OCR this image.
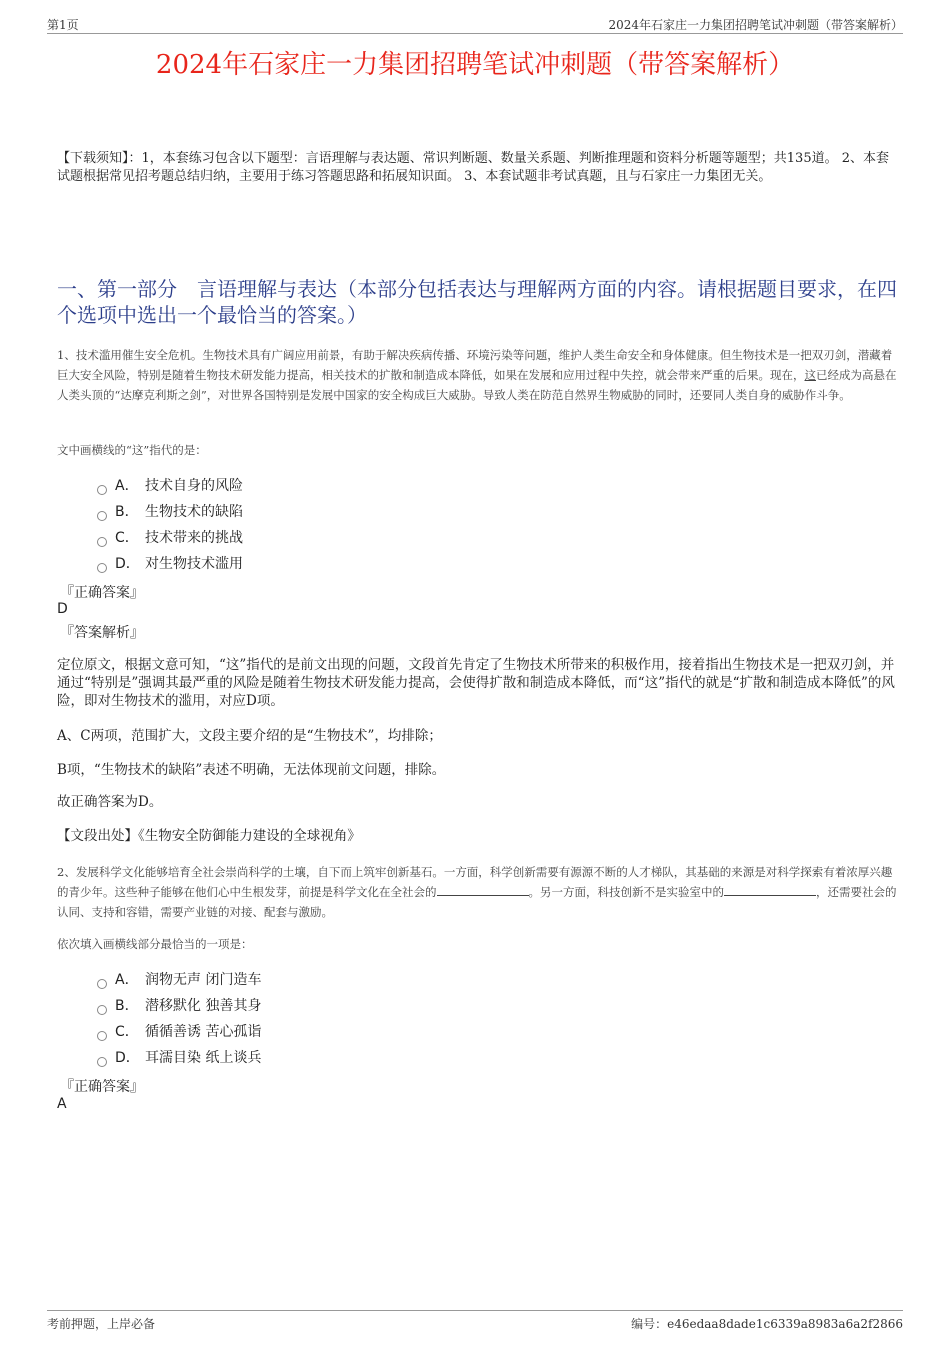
第1页	2024年石家庄一力集团招聘笔试冲刺题（带答案解析）
2024年石家庄一力集团招聘笔试冲刺题（带答案解析）
【下载须知】：1，本套练习包含以下题型：言语理解与表达题、常识判断题、数量关系题、判断推理题和资料分析题等题型；共135道。 2、本套试题根据常见招考题总结归纳，主要用于练习答题思路和拓展知识面。 3、本套试题非考试真题，且与石家庄一力集团无关。
一、第一部分　言语理解与表达（本部分包括表达与理解两方面的内容。请根据题目要求，在四个选项中选出一个最恰当的答案。）
1、技术滥用催生安全危机。生物技术具有广阔应用前景，有助于解决疾病传播、环境污染等问题，维护人类生命安全和身体健康。但生物技术是一把双刃剑，潜藏着巨大安全风险，特别是随着生物技术研发能力提高，相关技术的扩散和制造成本降低，如果在发展和应用过程中失控，就会带来严重的后果。现在，这已经成为高悬在人类头顶的“达摩克利斯之剑”，对世界各国特别是发展中国家的安全构成巨大威胁。导致人类在防范自然界生物威胁的同时，还要同人类自身的威胁作斗争。
文中画横线的“这”指代的是：
A． 技术自身的风险
B． 生物技术的缺陷
C． 技术带来的挑战
D． 对生物技术滥用
『正确答案』
D
『答案解析』
定位原文，根据文意可知，“这”指代的是前文出现的问题，文段首先肯定了生物技术所带来的积极作用，接着指出生物技术是一把双刃剑，并通过“特别是”强调其最严重的风险是随着生物技术研发能力提高，会使得扩散和制造成本降低，而“这”指代的就是“扩散和制造成本降低”的风险，即对生物技术的滥用，对应D项。
A、C两项，范围扩大，文段主要介绍的是“生物技术”，均排除；
B项，“生物技术的缺陷”表述不明确，无法体现前文问题，排除。
故正确答案为D。
【文段出处】《生物安全防御能力建设的全球视角》
2、发展科学文化能够培育全社会崇尚科学的土壤，自下而上筑牢创新基石。一方面，科学创新需要有源源不断的人才梯队，其基础的来源是对科学探索有着浓厚兴趣的青少年。这些种子能够在他们心中生根发芽，前提是科学文化在全社会的	。另一方面，科技创新不是实验室中的	，还需要社会的认同、支持和容错，需要产业链的对接、配套与激励。
依次填入画横线部分最恰当的一项是：
A． 润物无声 闭门造车
B． 潜移默化 独善其身
C． 循循善诱 苦心孤诣
D． 耳濡目染 纸上谈兵
『正确答案』
A
考前押题，上岸必备	编号：e46edaa8dade1c6339a8983a6a2f2866
